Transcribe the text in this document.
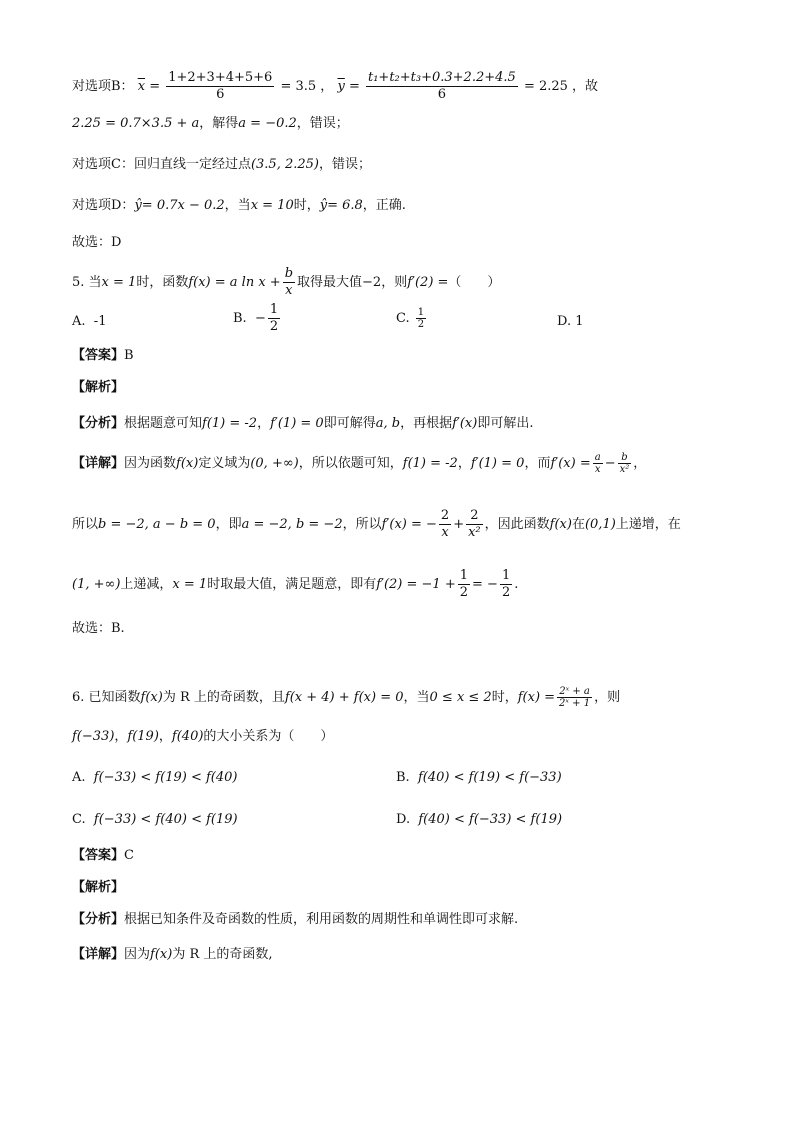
对选项B： $\overline{x} = \frac{1+2+3+4+5+6}{6} = 3.5$ ， $\overline{y} = \frac{\text{t₁+t₂+t₃+0.3+2.2+4.5}}{6} = 2.25$ ，故
2.25 = 0.7×3.5 + a，解得a = −0.2，错误；
对选项C：回归直线一定经过点(3.5, 2.25)，错误；
对选项D：ŷ= 0.7x − 0.2，当x = 10时，ŷ= 6.8，正确.
故选：D
5. 当x = 1时，函数f(x) = a $\ln x + \frac{b}{x}$ 取得最大值−2，则f′(2) =（　　）
A. -1	B. − $\frac{1}{2}$	C. $\frac{1}{2}$	D. 1
【答案】B
【解析】
【分析】根据题意可知f(1) = -2，f′(1) = 0即可解得a, b，再根据f′(x)即可解出.
【详解】因为函数f(x)定义域为(0, +∞)，所以依题可知，f(1) = -2，f′(1) = 0，而$f'(x) = \frac{a}{x} - \frac{b}{\text{x²}}$ ，
所以b = −2, a − b = 0，即a = −2, b = −2，所以f′(x) = − $\frac{2}{x} + \frac{2}{\text{x²}}$ ，因此函数f(x)在(0,1)上递增，在
(1, +∞)上递减，x = 1时取最大值，满足题意，即有$f'(2) = -1 + \frac{1}{2}$ = − $\frac{1}{2}$ .
故选：B.
6. 已知函数f(x)为 R 上的奇函数，且f(x + 4) + f(x) = 0，当0 ≤ x ≤ 2时，$f(x) = \frac{\text{2ˣ + a}}{\text{2ˣ + 1}}$ ，则
f(−33)，f(19)，f(40)的大小关系为（　　）
A. f(−33) < f(19) < f(40)	B. f(40) < f(19) < f(−33)
C. f(−33) < f(40) < f(19)	D. f(40) < f(−33) < f(19)
【答案】C
【解析】
【分析】根据已知条件及奇函数的性质，利用函数的周期性和单调性即可求解.
【详解】因为f(x)为 R 上的奇函数,
